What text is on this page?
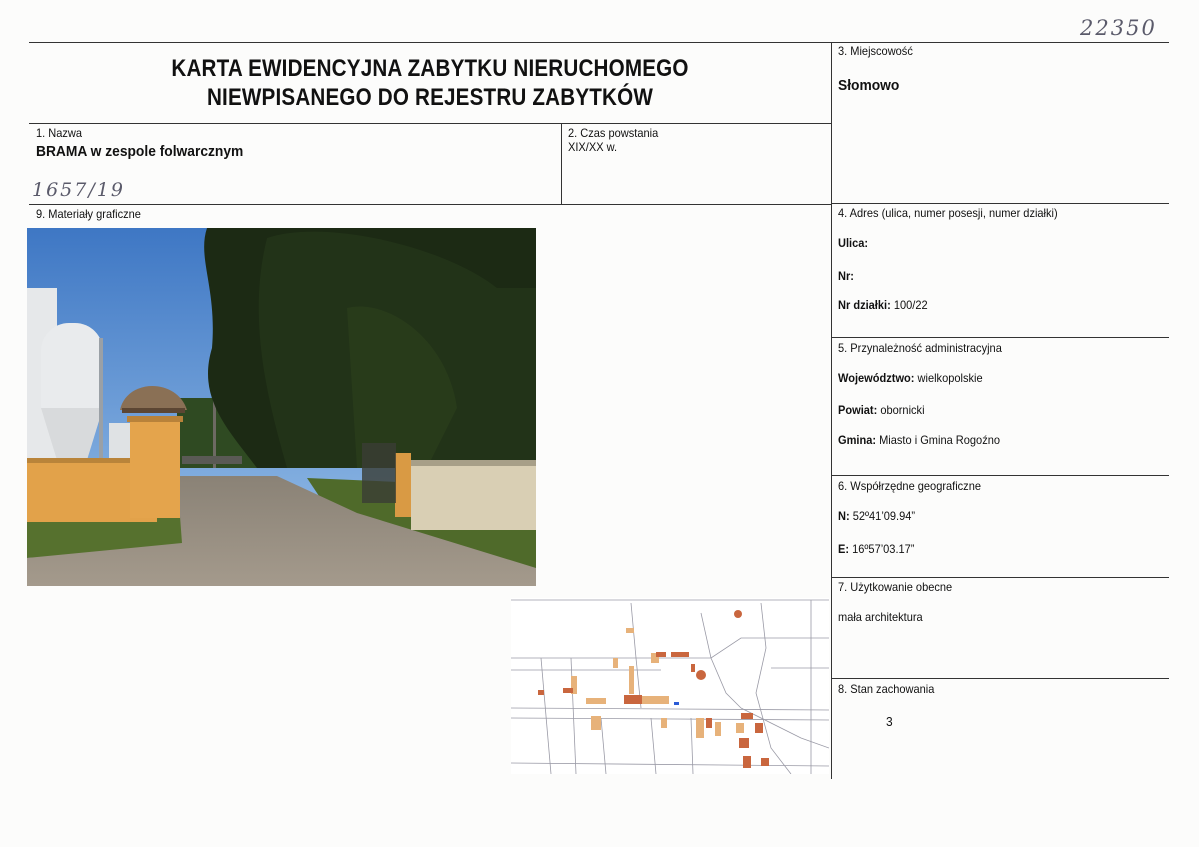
22350
KARTA EWIDENCYJNA ZABYTKU NIERUCHOMEGO
NIEWPISANEGO DO REJESTRU ZABYTKÓW
1. Nazwa
BRAMA w zespole folwarcznym
2. Czas powstania
XIX/XX w.
1657/19
3. Miejscowość
Słomowo
9. Materiały graficzne	4. Adres (ulica, numer posesji, numer działki)
Ulica:
Nr:
Nr działki: 100/22
5. Przynależność administracyjna
Województwo: wielkopolskie
Powiat: obornicki
Gmina: Miasto i Gmina Rogoźno
6. Współrzędne geograficzne
N: 52º41’09.94”
E: 16º57’03.17”
7. Użytkowanie obecne
mała architektura
8. Stan zachowania
3
